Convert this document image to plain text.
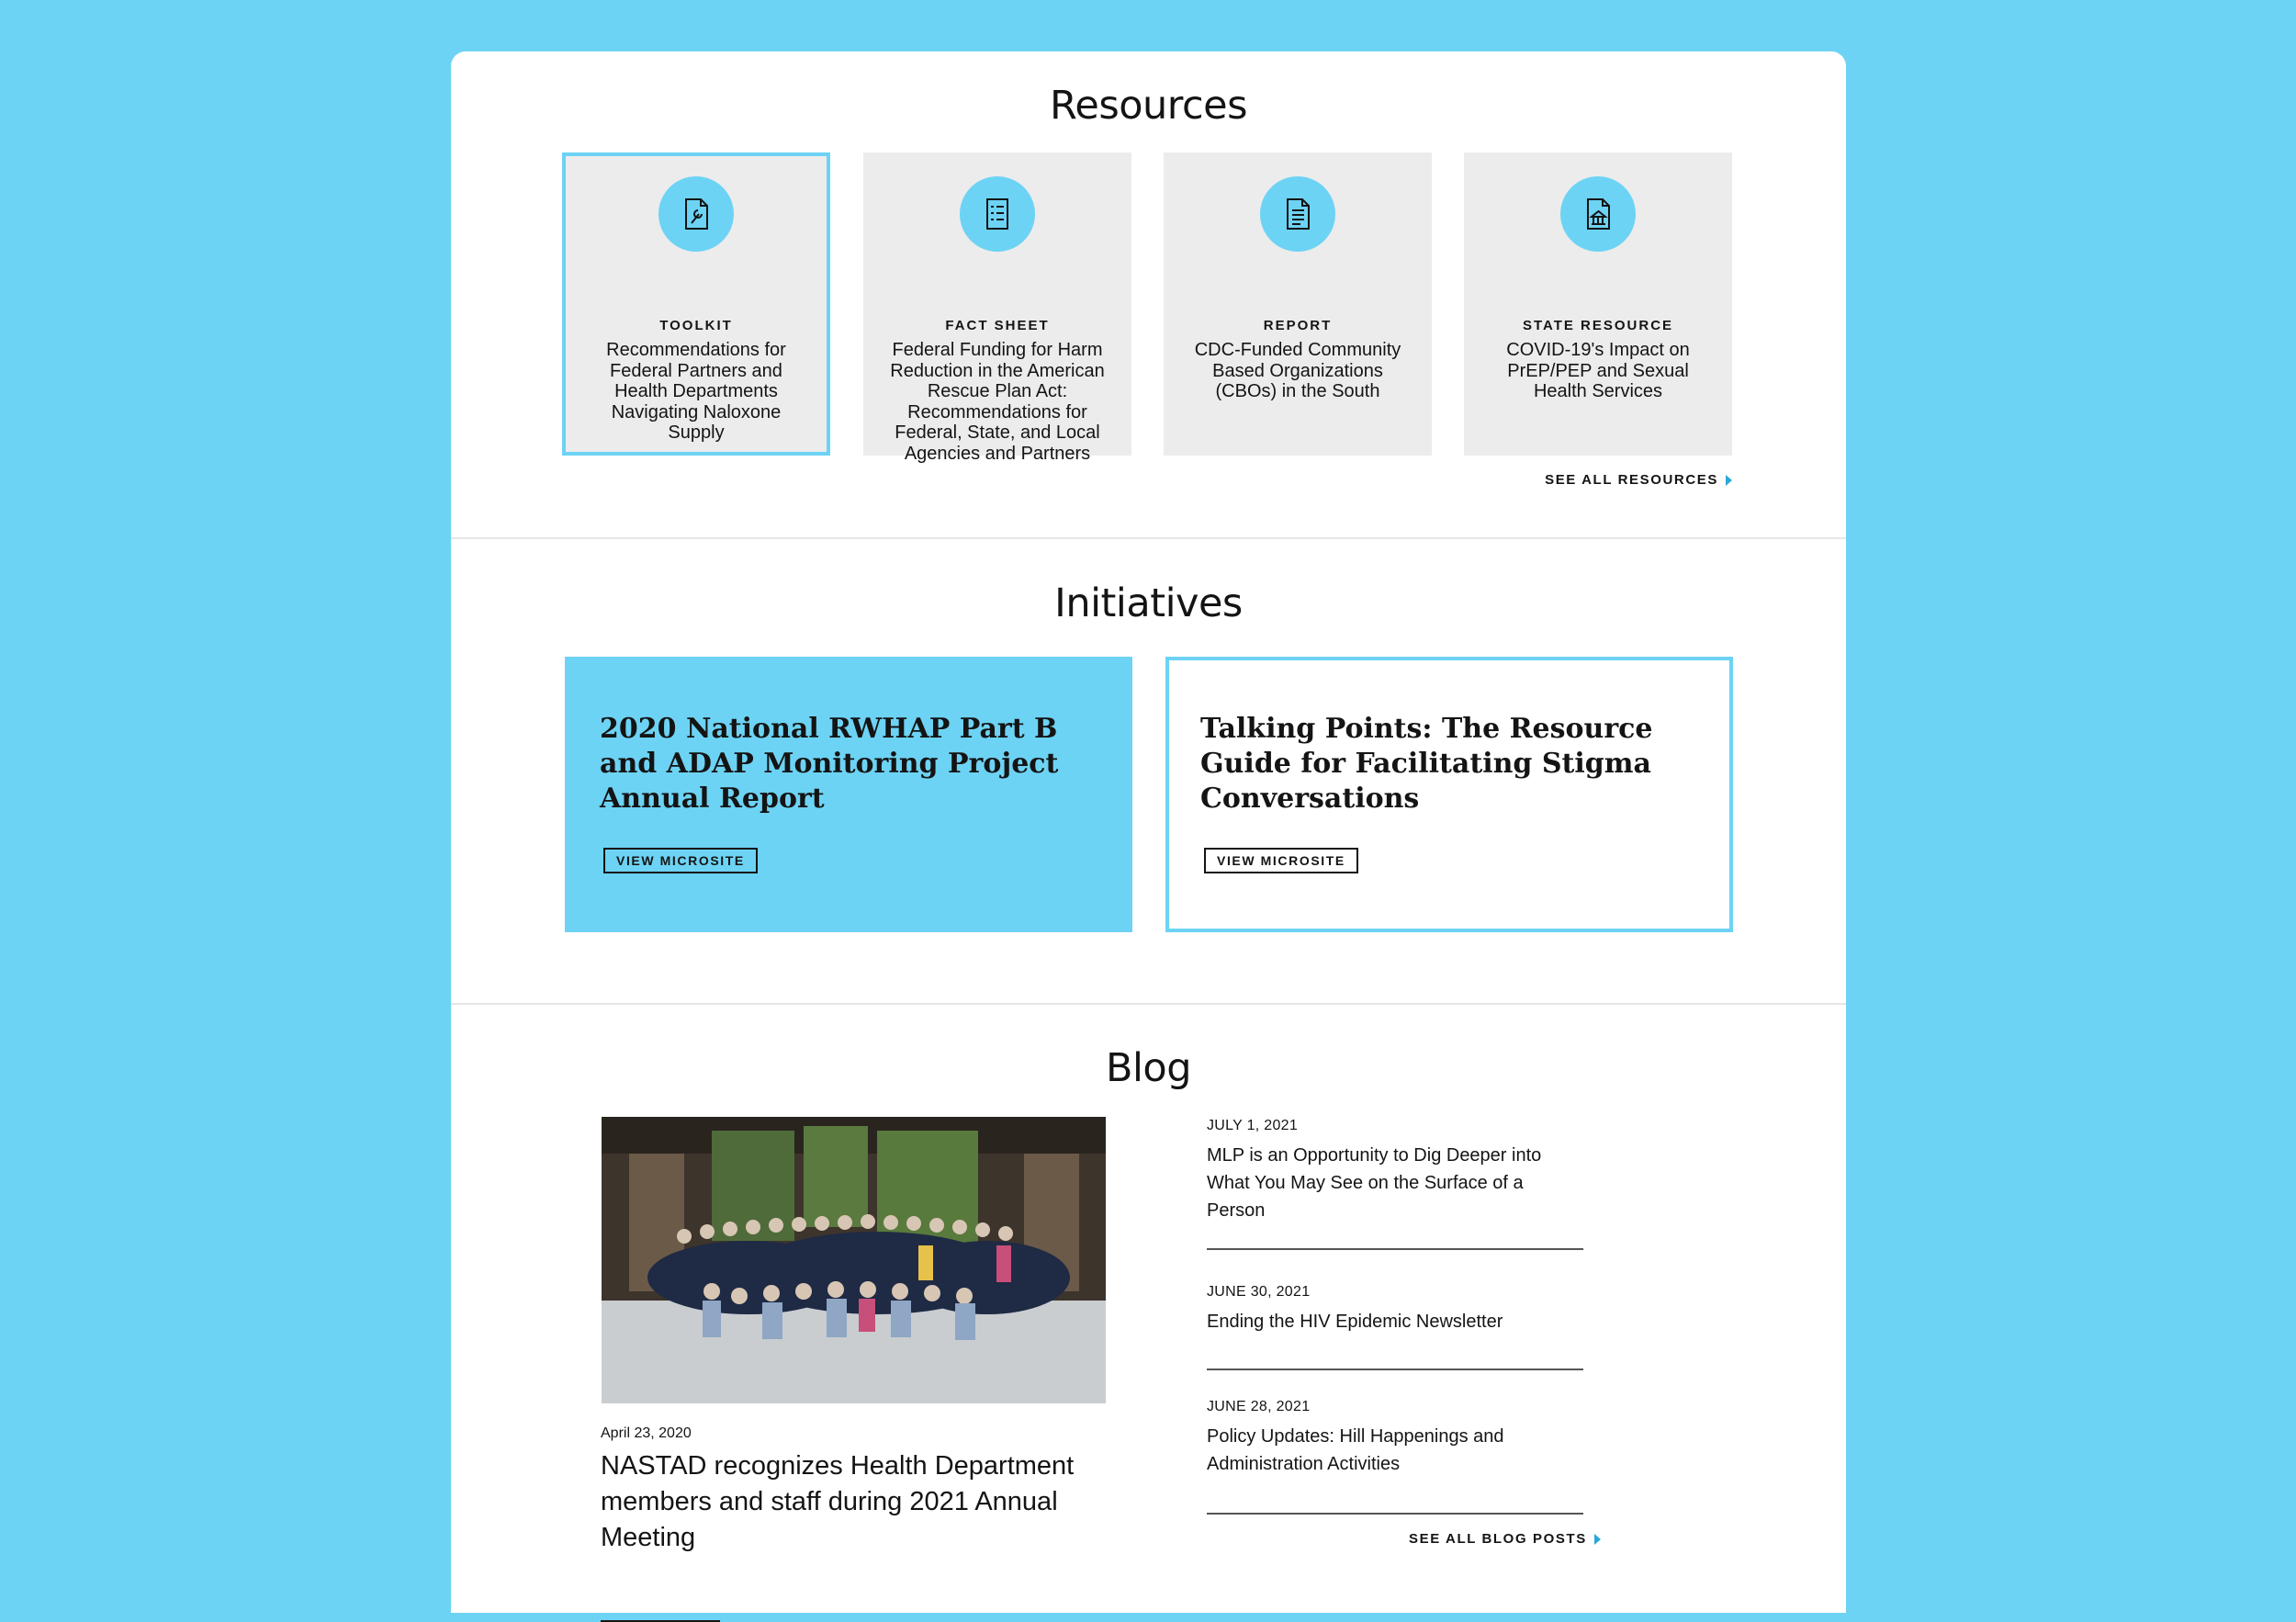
Resources
TOOLKIT
Recommendations for Federal Partners and Health Departments Navigating Naloxone Supply
FACT SHEET
Federal Funding for Harm Reduction in the American Rescue Plan Act: Recommendations for Federal, State, and Local Agencies and Partners
REPORT
CDC-Funded Community Based Organizations (CBOs) in the South
STATE RESOURCE
COVID-19's Impact on PrEP/PEP and Sexual Health Services
SEE ALL RESOURCES
Initiatives
2020 National RWHAP Part B and ADAP Monitoring Project Annual Report
VIEW MICROSITE
Talking Points: The Resource Guide for Facilitating Stigma Conversations
VIEW MICROSITE
Blog
April 23, 2020
NASTAD recognizes Health Department members and staff during 2021 Annual Meeting
JULY 1, 2021
MLP is an Opportunity to Dig Deeper into What You May See on the Surface of a Person
JUNE 30, 2021
Ending the HIV Epidemic Newsletter
JUNE 28, 2021
Policy Updates: Hill Happenings and Administration Activities
SEE ALL BLOG POSTS
